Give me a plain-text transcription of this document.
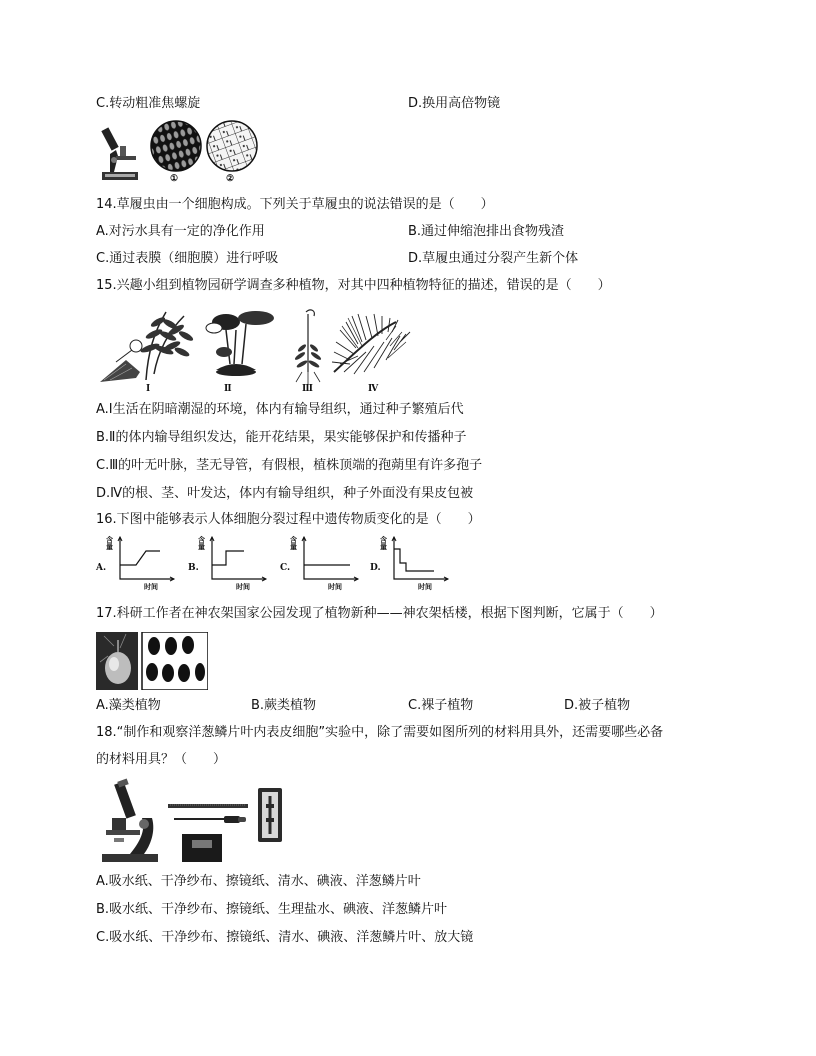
C.转动粗准焦螺旋	D.换用高倍物镜
①	②
14.草履虫由一个细胞构成。下列关于草履虫的说法错误的是（　　）
A.对污水具有一定的净化作用	B.通过伸缩泡排出食物残渣
C.通过表膜（细胞膜）进行呼吸	D.草履虫通过分裂产生新个体
15.兴趣小组到植物园研学调查多种植物，对其中四种植物特征的描述，错误的是（　　）
Ⅰ	Ⅱ	Ⅲ	Ⅳ
A.Ⅰ生活在阴暗潮湿的环境，体内有输导组织，通过种子繁殖后代
B.Ⅱ的体内输导组织发达，能开花结果，果实能够保护和传播种子
C.Ⅲ的叶无叶脉，茎无导管，有假根，植株顶端的孢蒴里有许多孢子
D.Ⅳ的根、茎、叶发达，体内有输导组织，种子外面没有果皮包被
16.下图中能够表示人体细胞分裂过程中遗传物质变化的是（　　）
A.
含量
时间
B.
含量
时间
C.
含量
时间
D.
含量
时间
17.科研工作者在神农架国家公园发现了植物新种——神农架栝楼，根据下图判断，它属于（　　）
A.藻类植物	B.蕨类植物	C.裸子植物	D.被子植物
18.“制作和观察洋葱鳞片叶内表皮细胞”实验中，除了需要如图所列的材料用具外，还需要哪些必备
的材料用具？（　　）
A.吸水纸、干净纱布、擦镜纸、清水、碘液、洋葱鳞片叶
B.吸水纸、干净纱布、擦镜纸、生理盐水、碘液、洋葱鳞片叶
C.吸水纸、干净纱布、擦镜纸、清水、碘液、洋葱鳞片叶、放大镜
